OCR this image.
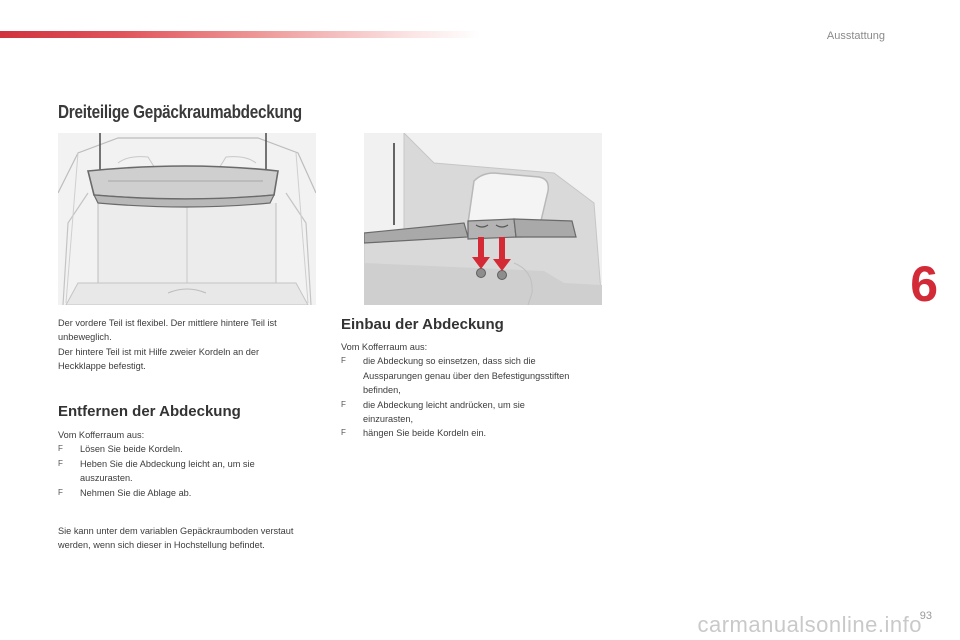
Ausstattung
6
Dreiteilige Gepäckraumabdeckung
Der vordere Teil ist flexibel. Der mittlere hintere Teil ist
unbeweglich.
Der hintere Teil ist mit Hilfe zweier Kordeln an der
Heckklappe befestigt.
Entfernen der Abdeckung
Vom Kofferraum aus:
F Lösen Sie beide Kordeln.
F Heben Sie die Abdeckung leicht an, um sie auszurasten.
F Nehmen Sie die Ablage ab.
Sie kann unter dem variablen Gepäckraumboden verstaut werden, wenn sich dieser in Hochstellung befindet.
Einbau der Abdeckung
Vom Kofferraum aus:
F die Abdeckung so einsetzen, dass sich die Aussparungen genau über den Befestigungsstiften befinden,
F die Abdeckung leicht andrücken, um sie einzurasten,
F hängen Sie beide Kordeln ein.
carmanualsonline.info
93
